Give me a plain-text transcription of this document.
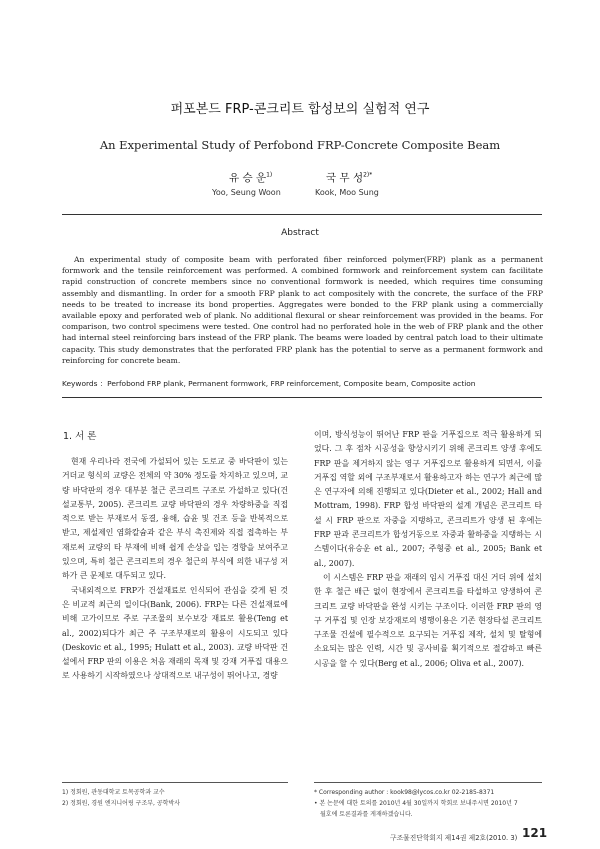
퍼포본드 FRP-콘크리트 합성보의 실험적 연구
An Experimental Study of Perfobond FRP-Concrete Composite Beam
유 승 운$^{1)}$	국 무 성$^{2)*}$
Yoo, Seung Woon	Kook, Moo Sung
Abstract
An experimental study of composite beam with perforated fiber reinforced polymer(FRP) plank as a permanent formwork and the tensile reinforcement was performed. A combined formwork and reinforcement system can facilitate rapid construction of concrete members since no conventional formwork is needed, which requires time consuming assembly and dismantling. In order for a smooth FRP plank to act compositely with the concrete, the surface of the FRP needs to be treated to increase its bond properties. Aggregates were bonded to the FRP plank using a commercially available epoxy and perforated web of plank. No additional flexural or shear reinforcement was provided in the beams. For comparison, two control specimens were tested. One control had no perforated hole in the web of FRP plank and the other had internal steel reinforcing bars instead of the FRP plank. The beams were loaded by central patch load to their ultimate capacity. This study demonstrates that the perforated FRP plank has the potential to serve as a permanent formwork and reinforcing for concrete beam.
Keywords ：Perfobond FRP plank, Permanent formwork, FRP reinforcement, Composite beam, Composite action
1. 서 론

현재 우리나라 전국에 가설되어 있는 도로교 중 바닥판이 있는 거더교 형식의 교량은 전체의 약 30% 정도를 차지하고 있으며, 교량 바닥판의 경우 대부분 철근 콘크리트 구조로 가설하고 있다(건설교통부, 2005). 콘크리트 교량 바닥판의 경우 차량하중을 직접적으로 받는 부재로서 동결, 융해, 습윤 및 건조 등을 반복적으로 받고, 제설제인 염화칼슘과 같은 부식 촉진제와 직접 접촉하는 부재로써 교량의 타 부재에 비해 쉽게 손상을 입는 경향을 보여주고 있으며, 특히 철근 콘크리트의 경우 철근의 부식에 의한 내구성 저하가 큰 문제로 대두되고 있다.

국내외적으로 FRP가 건설재료로 인식되어 관심을 갖게 된 것은 비교적 최근의 일이다(Bank, 2006). FRP는 다른 건설재료에 비해 고가이므로 주로 구조물의 보수보강 재료로 활용(Teng et al., 2002)되다가 최근 주 구조부재로의 활용이 시도되고 있다(Deskovic et al., 1995; Hulatt et al., 2003). 교량 바닥판 건설에서 FRP 판의 이용은 처음 재래의 목재 및 강재 거푸집 대용으로 사용하기 시작하였으나 상대적으로 내구성이 뛰어나고, 경량

이며, 방식성능이 뛰어난 FRP 판을 거푸집으로 적극 활용하게 되었다. 그 후 점차 시공성을 향상시키기 위해 콘크리트 양생 후에도 FRP 판을 제거하지 않는 영구 거푸집으로 활용하게 되면서, 이를 거푸집 역할 외에 구조부재로서 활용하고자 하는 연구가 최근에 많은 연구자에 의해 진행되고 있다(Dieter et al., 2002; Hall and Mottram, 1998). FRP 합성 바닥판의 설계 개념은 콘크리트 타설 시 FRP 판으로 자중을 지탱하고, 콘크리트가 양생 된 후에는 FRP 판과 콘크리트가 합성거동으로 자중과 활하중을 지탱하는 시스템이다(유승운 et al., 2007; 주형중 et al., 2005; Bank et al., 2007).

이 시스템은 FRP 판을 재래의 임시 거푸집 대신 거더 위에 설치 한 후 철근 배근 없이 현장에서 콘크리트를 타설하고 양생하여 콘크리트 교량 바닥판을 완성 시키는 구조이다. 이러한 FRP 판의 영구 거푸집 및 인장 보강재로의 병행이용은 기존 현장타설 콘크리트 구조물 건설에 필수적으로 요구되는 거푸집 제작, 설치 및 탈형에 소요되는 많은 인력, 시간 및 공사비를 획기적으로 절감하고 빠른 시공을 할 수 있다(Berg et al., 2006; Oliva et al., 2007).

1) 정회원, 관동대학교 토목공학과 교수
2) 정회원, 경원 엔지니어링 구조부, 공학박사
* Corresponding author : kook98@lycos.co.kr 02-2185-8371
• 본 논문에 대한 토의를 2010년 4월 30일까지 학회로 보내주시면 2010년 7
월호에 토론결과를 게재하겠습니다.
구조물진단학회지 제14권 제2호(2010. 3) 121
